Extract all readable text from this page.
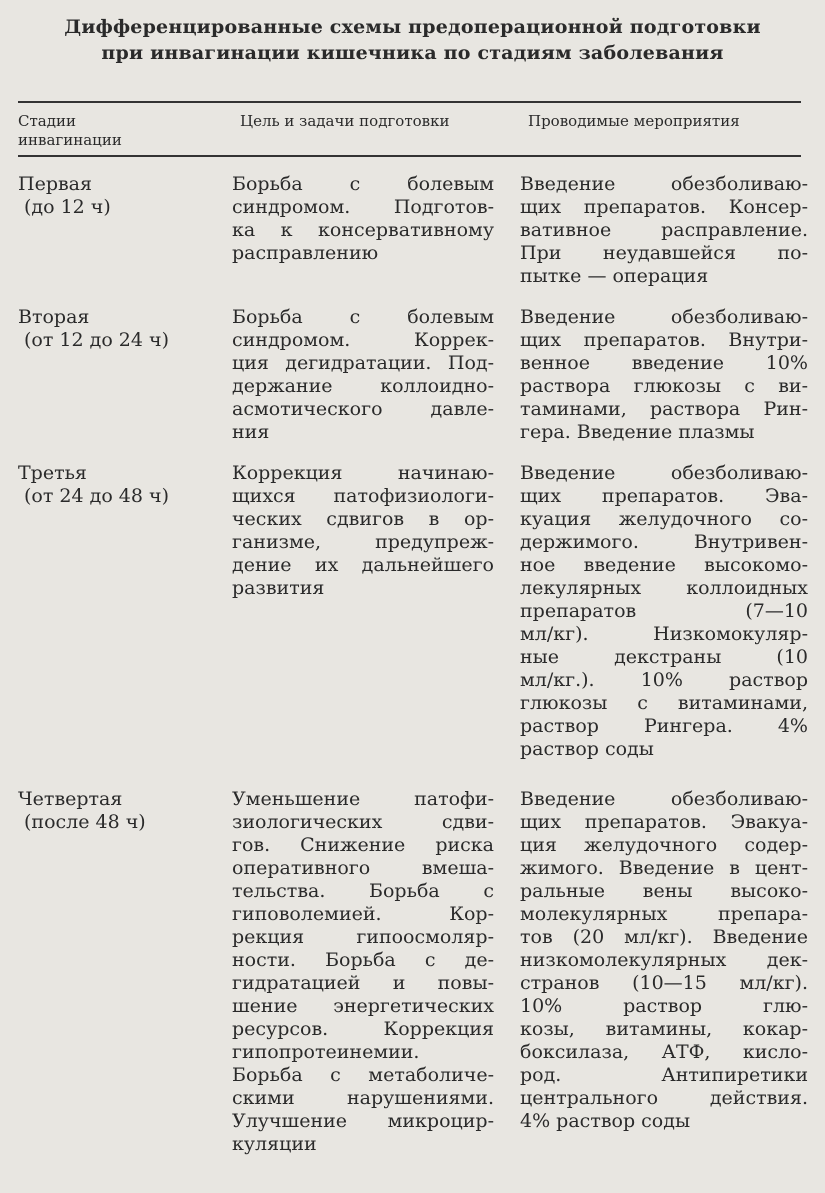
Дифференцированные схемы предоперационной подготовки
при инвагинации кишечника по стадиям заболевания
Стадии
инвагинации
Цель и задачи подготовки	Проводимые мероприятия
Первая
(до 12 ч)
Борьба с болевым
синдромом. Подготов-
ка к консервативному
расправлению
Введение обезболиваю-
щих препаратов. Консер-
вативное расправление.
При неудавшейся по-
пытке — операция
Вторая
(от 12 до 24 ч)
Борьба с болевым
синдромом. Коррек-
ция дегидратации. Под-
держание коллоидно-
асмотического давле-
ния
Введение обезболиваю-
щих препаратов. Внутри-
венное введение 10%
раствора глюкозы с ви-
таминами, раствора Рин-
гера. Введение плазмы
Третья
(от 24 до 48 ч)
Коррекция начинаю-
щихся патофизиологи-
ческих сдвигов в ор-
ганизме, предупреж-
дение их дальнейшего
развития
Введение обезболиваю-
щих препаратов. Эва-
куация желудочного со-
держимого. Внутривен-
ное введение высокомо-
лекулярных коллоидных
препаратов (7—10
мл/кг). Низкомокуляр-
ные декстраны (10
мл/кг.). 10% раствор
глюкозы с витаминами,
раствор Рингера. 4%
раствор соды
Четвертая
(после 48 ч)
Уменьшение патофи-
зиологических сдви-
гов. Снижение риска
оперативного вмеша-
тельства. Борьба с
гиповолемией. Кор-
рекция гипоосмоляр-
ности. Борьба с де-
гидратацией и повы-
шение энергетических
ресурсов. Коррекция
гипопротеинемии.
Борьба с метаболиче-
скими нарушениями.
Улучшение микроцир-
куляции
Введение обезболиваю-
щих препаратов. Эвакуа-
ция желудочного содер-
жимого. Введение в цент-
ральные вены высоко-
молекулярных препара-
тов (20 мл/кг). Введение
низкомолекулярных дек-
странов (10—15 мл/кг).
10% раствор глю-
козы, витамины, кокар-
боксилаза, АТФ, кисло-
род. Антипиретики
центрального действия.
4% раствор соды
